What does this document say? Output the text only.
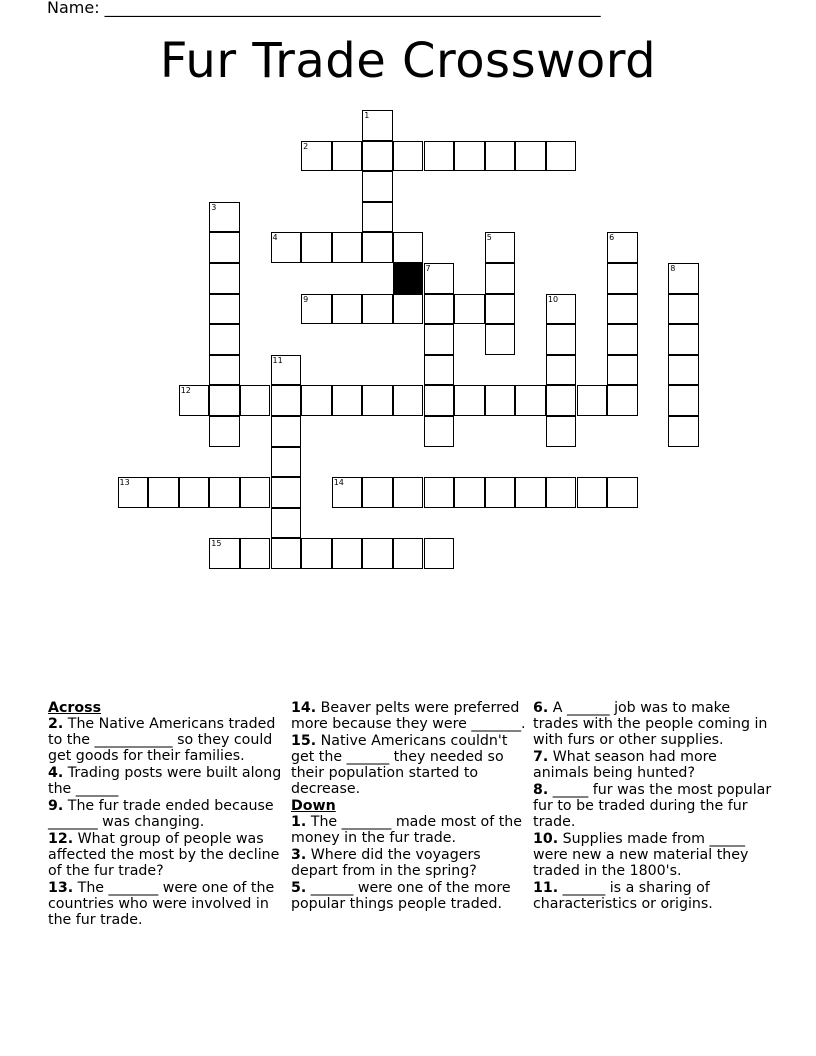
Name: ______________________________________________________________
Fur Trade Crossword
1
2
3
4	5	6
7	8
9	10
11
12
13	14
15
Across
2. The Native Americans traded to the ___________ so they could get goods for their families.
4. Trading posts were built along the ______
9. The fur trade ended because _______ was changing.
12. What group of people was affected the most by the decline of the fur trade?
13. The _______ were one of the countries who were involved in the fur trade.
14. Beaver pelts were preferred more because they were _______.
15. Native Americans couldn't get the ______ they needed so their population started to decrease.
Down
1. The _______ made most of the money in the fur trade.
3. Where did the voyagers depart from in the spring?
5. ______ were one of the more popular things people traded.
6. A ______ job was to make trades with the people coming in with furs or other supplies.
7. What season had more animals being hunted?
8. _____ fur was the most popular fur to be traded during the fur trade.
10. Supplies made from _____ were new a new material they traded in the 1800's.
11. ______ is a sharing of characteristics or origins.
